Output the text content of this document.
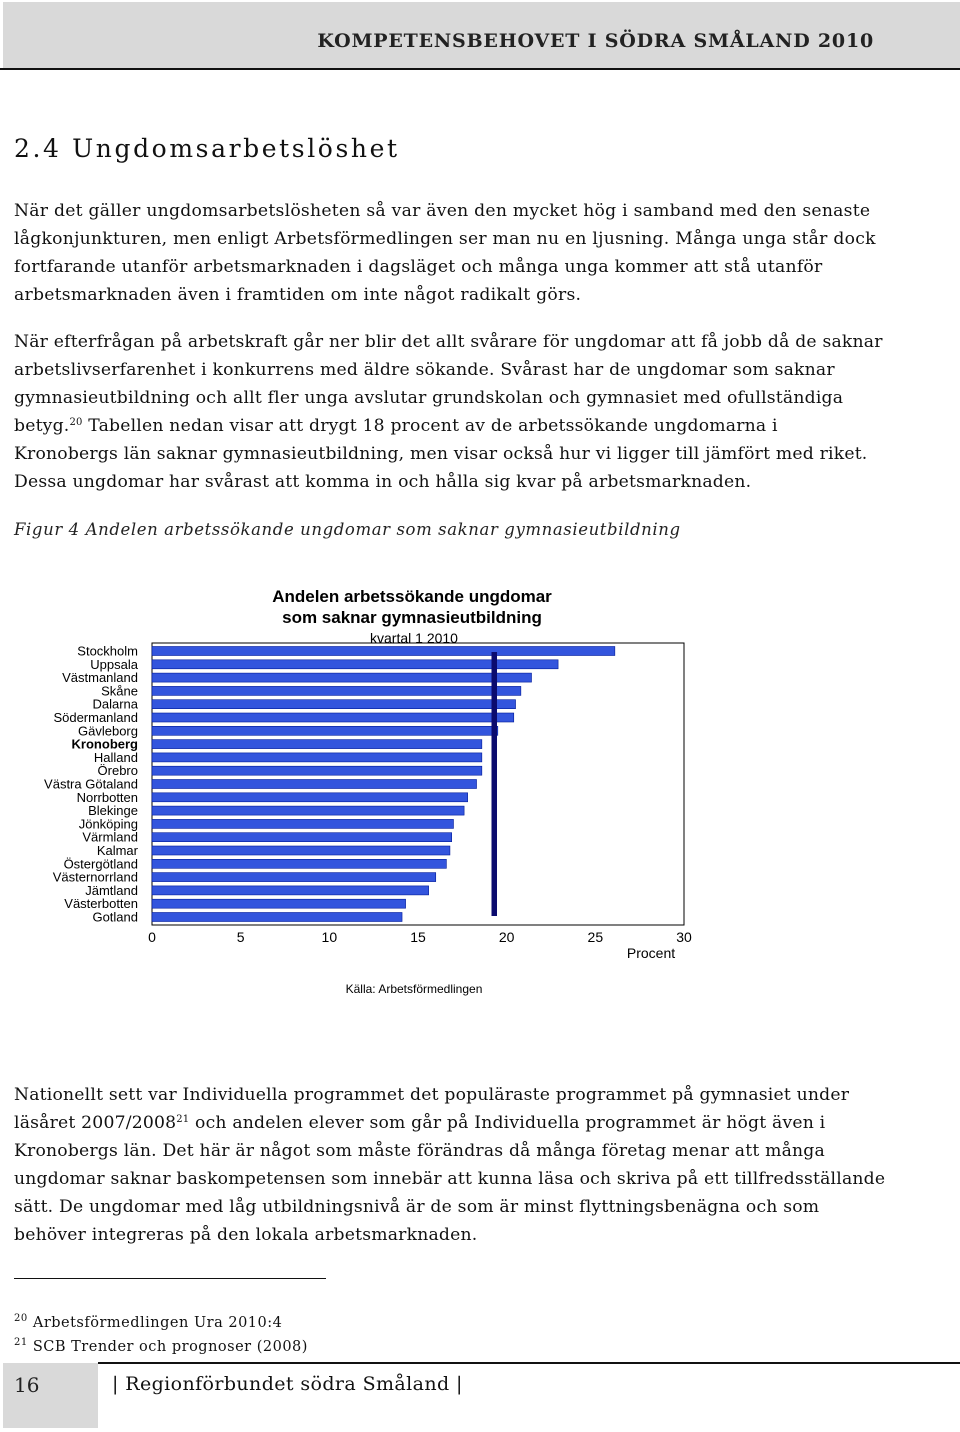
KOMPETENSBEHOVET I SÖDRA SMÅLAND 2010
2.4 Ungdomsarbetslöshet

När det gäller ungdomsarbetslösheten så var även den mycket hög i samband med den senaste
lågkonjunkturen, men enligt Arbetsförmedlingen ser man nu en ljusning. Många unga står dock
fortfarande utanför arbetsmarknaden i dagsläget och många unga kommer att stå utanför
arbetsmarknaden även i framtiden om inte något radikalt görs.

När efterfrågan på arbetskraft går ner blir det allt svårare för ungdomar att få jobb då de saknar
arbetslivserfarenhet i konkurrens med äldre sökande. Svårast har de ungdomar som saknar
gymnasieutbildning och allt fler unga avslutar grundskolan och gymnasiet med ofullständiga
betyg.$^{20}$ Tabellen nedan visar att drygt 18 procent av de arbetssökande ungdomarna i
Kronobergs län saknar gymnasieutbildning, men visar också hur vi ligger till jämfört med riket.
Dessa ungdomar har svårast att komma in och hålla sig kvar på arbetsmarknaden.

Figur 4 Andelen arbetssökande ungdomar som saknar gymnasieutbildning
Andelen arbetssökande ungdomar
som saknar gymnasieutbildning
kvartal 1 2010
Procent
Källa: Arbetsförmedlingen
Stockholm
Uppsala
Västmanland
Skåne
Dalarna
Södermanland
Gävleborg
Kronoberg
Halland
Örebro
Västra Götaland
Norrbotten
Blekinge
Jönköping
Värmland
Kalmar
Östergötland
Västernorrland
Jämtland
Västerbotten
Gotland
0	5	10	15	20	25	30

Nationellt sett var Individuella programmet det populäraste programmet på gymnasiet under
läsåret 2007/2008$^{21}$ och andelen elever som går på Individuella programmet är högt även i
Kronobergs län. Det här är något som måste förändras då många företag menar att många
ungdomar saknar baskompetensen som innebär att kunna läsa och skriva på ett tillfredsställande
sätt. De ungdomar med låg utbildningsnivå är de som är minst flyttningsbenägna och som
behöver integreras på den lokala arbetsmarknaden.

$^{20}$ Arbetsförmedlingen Ura 2010:4
$^{21}$ SCB Trender och prognoser (2008)
16	| Regionförbundet södra Småland |
